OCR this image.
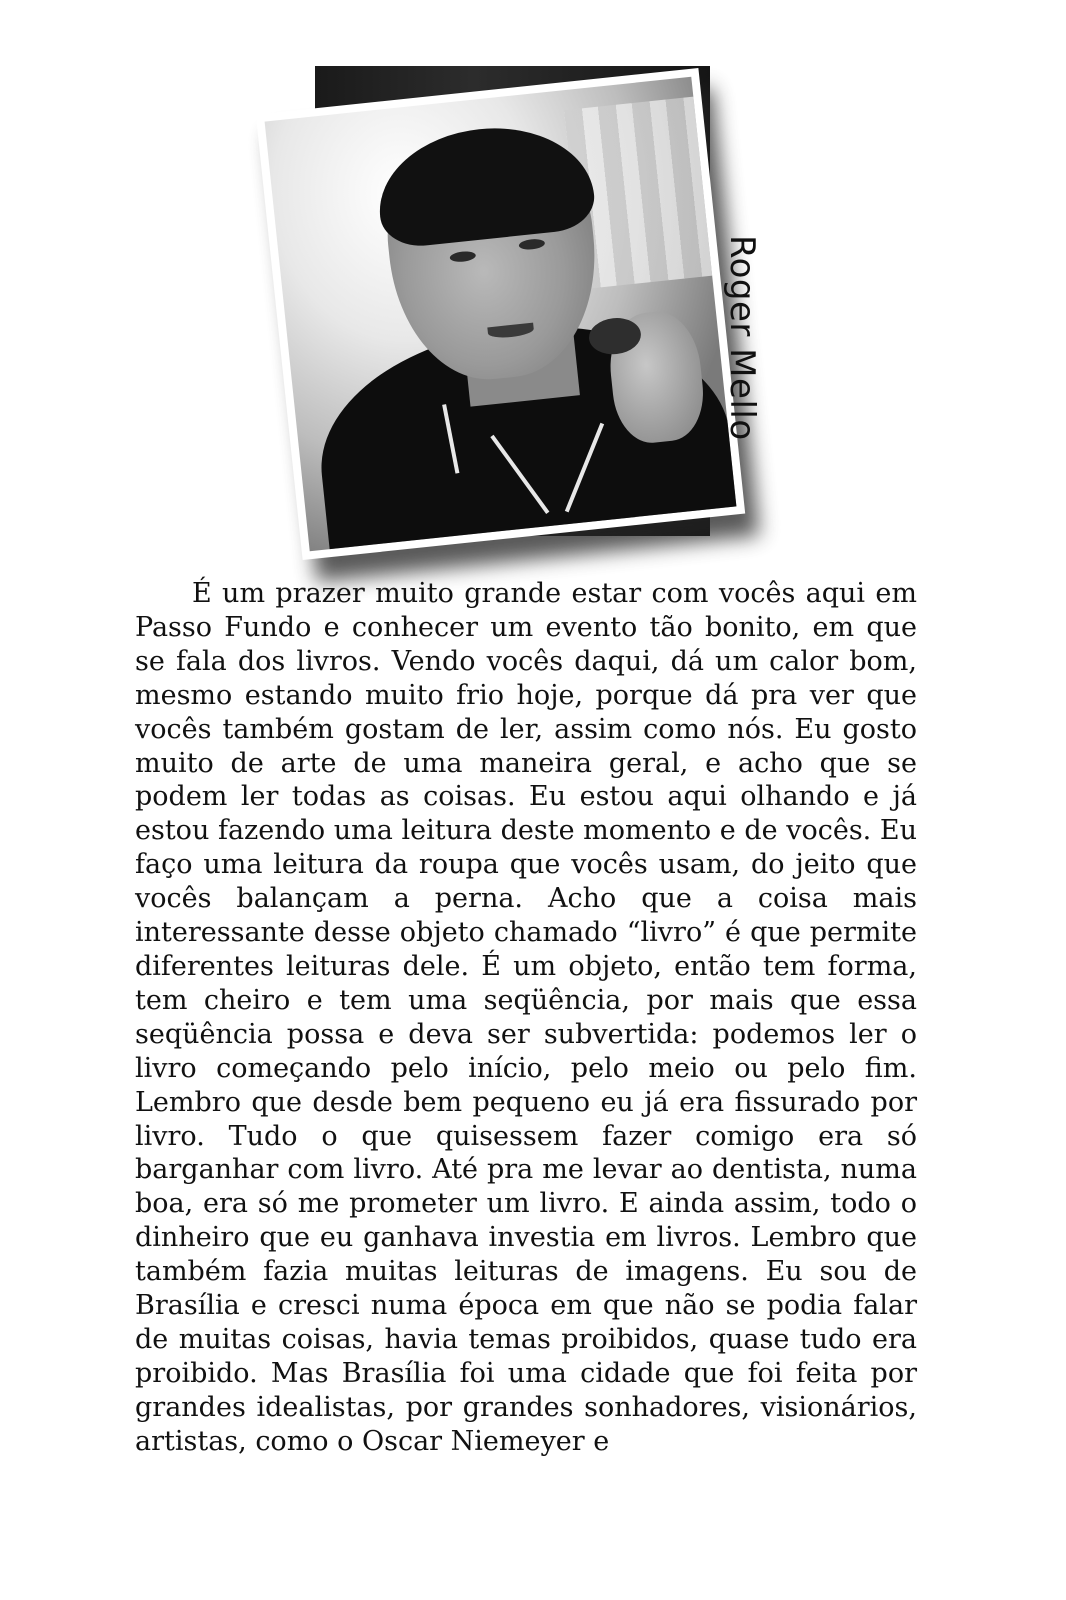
Roger Mello

É um prazer muito grande estar com vocês aqui em Passo Fundo e conhecer um evento tão bonito, em que se fala dos livros. Vendo vocês daqui, dá um calor bom, mesmo estando muito frio hoje, porque dá pra ver que vocês também gostam de ler, assim como nós. Eu gosto muito de arte de uma maneira geral, e acho que se podem ler todas as coisas. Eu estou aqui olhando e já estou fazendo uma leitura deste momento e de vocês. Eu faço uma leitura da roupa que vocês usam, do jeito que vocês balançam a perna. Acho que a coisa mais interessante desse objeto chamado “livro” é que permite diferentes leituras dele. É um objeto, então tem forma, tem cheiro e tem uma seqüência, por mais que essa seqüência possa e deva ser subvertida: podemos ler o livro começando pelo início, pelo meio ou pelo fim. Lembro que desde bem pequeno eu já era fissurado por livro. Tudo o que quisessem fazer comigo era só barganhar com livro. Até pra me levar ao dentista, numa boa, era só me prometer um livro. E ainda assim, todo o dinheiro que eu ganhava investia em livros. Lembro que também fazia muitas leituras de imagens. Eu sou de Brasília e cresci numa época em que não se podia falar de muitas coisas, havia temas proibidos, quase tudo era proibido. Mas Brasília foi uma cidade que foi feita por grandes idealistas, por grandes sonhadores, visionários, artistas, como o Oscar Niemeyer e
